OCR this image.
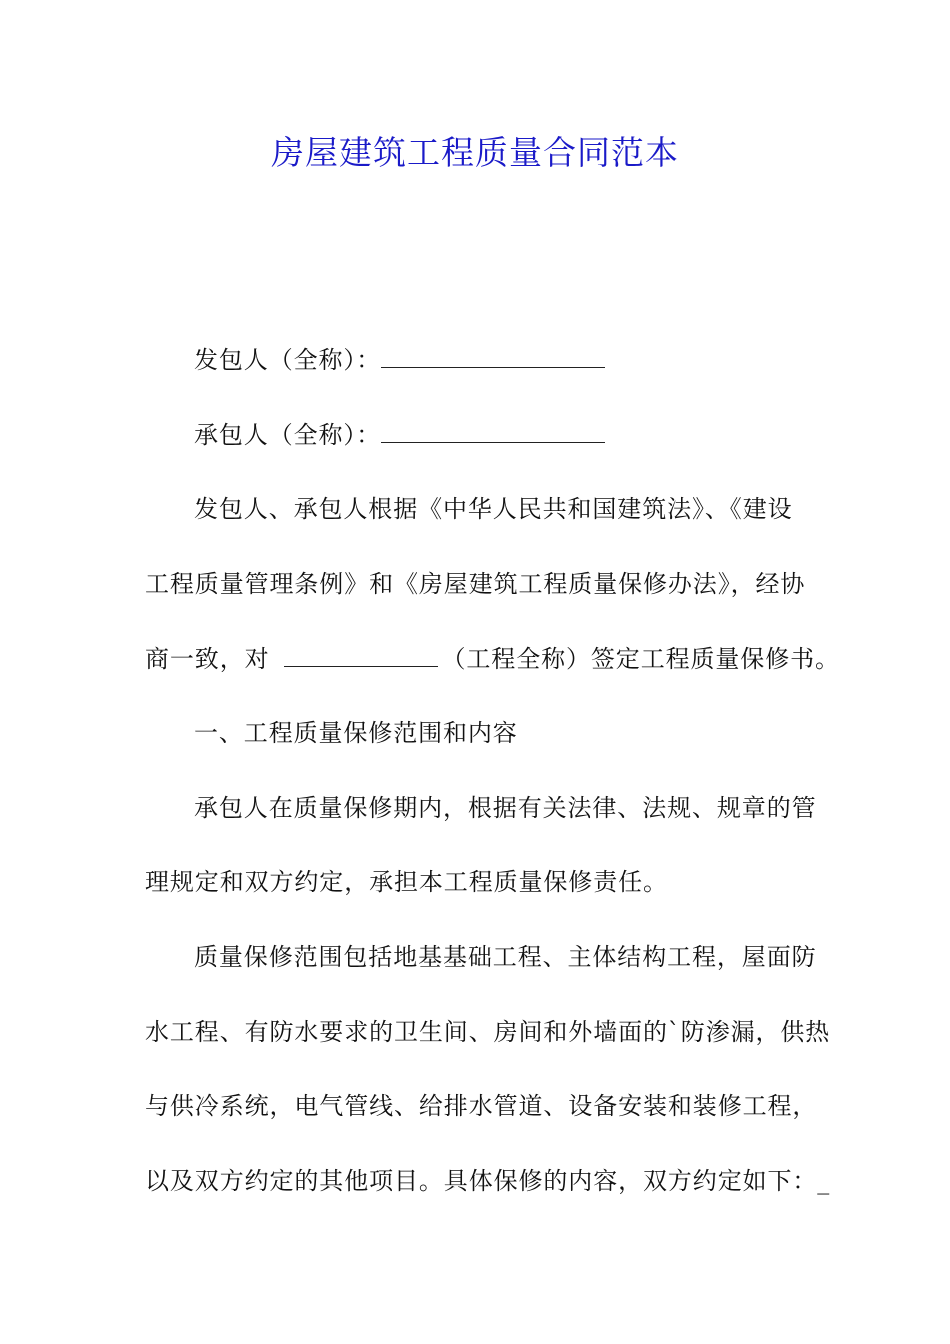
房屋建筑工程质量合同范本
发包人（全称）：
承包人（全称）：
发包人、承包人根据《中华人民共和国建筑法》、《建设
工程质量管理条例》和《房屋建筑工程质量保修办法》，经协
商一致，对	（工程全称）签定工程质量保修书。
一、工程质量保修范围和内容
承包人在质量保修期内，根据有关法律、法规、规章的管
理规定和双方约定，承担本工程质量保修责任。
质量保修范围包括地基基础工程、主体结构工程，屋面防
水工程、有防水要求的卫生间、房间和外墙面的`防渗漏，供热
与供冷系统，电气管线、给排水管道、设备安装和装修工程，
以及双方约定的其他项目。具体保修的内容，双方约定如下：_
